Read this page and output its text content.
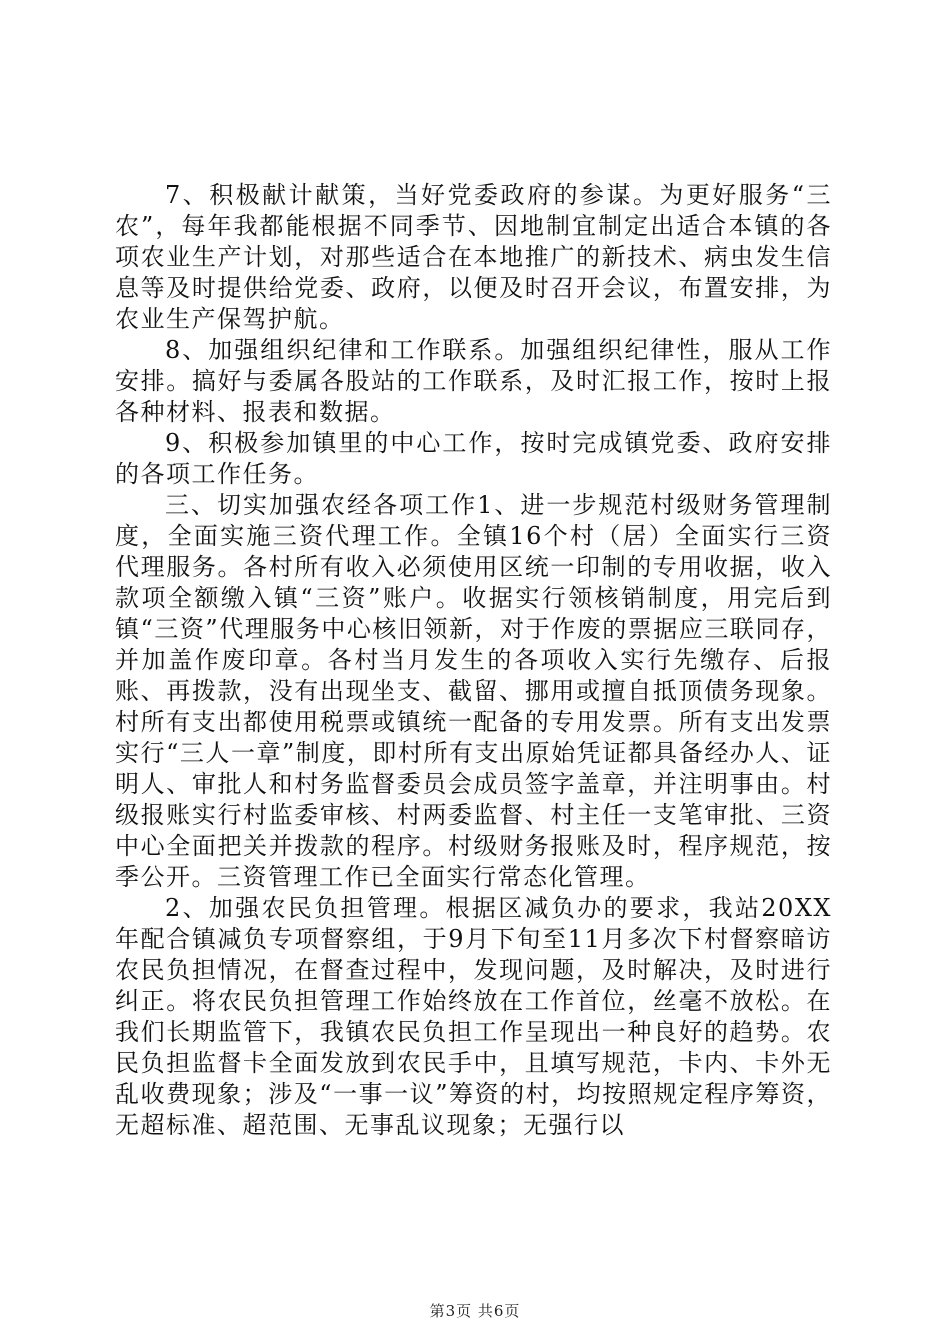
7、积极献计献策，当好党委政府的参谋。为更好服务“三农”，每年我都能根据不同季节、因地制宜制定出适合本镇的各项农业生产计划，对那些适合在本地推广的新技术、病虫发生信息等及时提供给党委、政府，以便及时召开会议，布置安排，为农业生产保驾护航。

8、加强组织纪律和工作联系。加强组织纪律性，服从工作安排。搞好与委属各股站的工作联系，及时汇报工作，按时上报各种材料、报表和数据。

9、积极参加镇里的中心工作，按时完成镇党委、政府安排的各项工作任务。

三、切实加强农经各项工作1、进一步规范村级财务管理制度，全面实施三资代理工作。全镇16个村（居）全面实行三资代理服务。各村所有收入必须使用区统一印制的专用收据，收入款项全额缴入镇“三资”账户。收据实行领核销制度，用完后到镇“三资”代理服务中心核旧领新，对于作废的票据应三联同存，并加盖作废印章。各村当月发生的各项收入实行先缴存、后报账、再拨款，没有出现坐支、截留、挪用或擅自抵顶债务现象。村所有支出都使用税票或镇统一配备的专用发票。所有支出发票实行“三人一章”制度，即村所有支出原始凭证都具备经办人、证明人、审批人和村务监督委员会成员签字盖章，并注明事由。村级报账实行村监委审核、村两委监督、村主任一支笔审批、三资中心全面把关并拨款的程序。村级财务报账及时，程序规范，按季公开。三资管理工作已全面实行常态化管理。

2、加强农民负担管理。根据区减负办的要求，我站20XX年配合镇减负专项督察组，于9月下旬至11月多次下村督察暗访农民负担情况，在督查过程中，发现问题，及时解决，及时进行纠正。将农民负担管理工作始终放在工作首位，丝毫不放松。在我们长期监管下，我镇农民负担工作呈现出一种良好的趋势。农民负担监督卡全面发放到农民手中，且填写规范，卡内、卡外无乱收费现象；涉及“一事一议”筹资的村，均按照规定程序筹资，无超标准、超范围、无事乱议现象；无强行以

第3页 共6页
